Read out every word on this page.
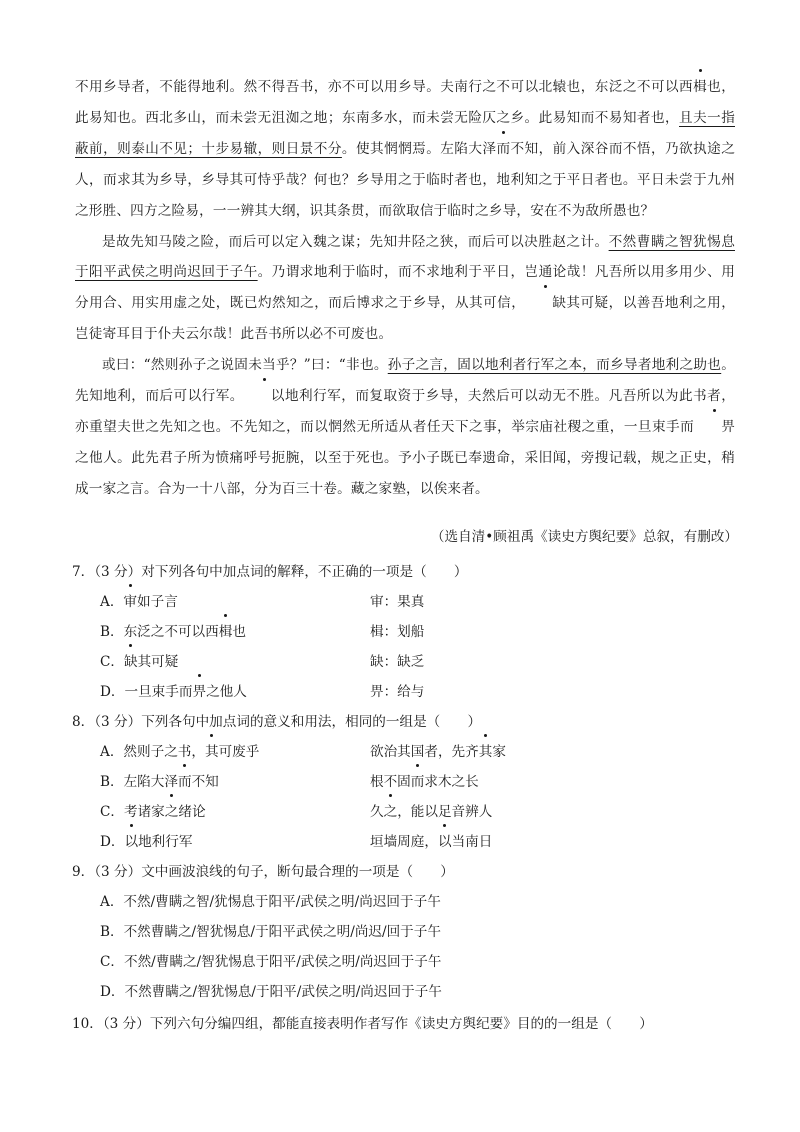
不用乡导者，不能得地利。然不得吾书，亦不可以用乡导。夫南行之不可以北辕也，东泛之不可以西楫也，此易知也。西北多山，而未尝无沮洳之地；东南多水，而未尝无险仄之乡。此易知而不易知者也，且夫一指蔽前，则泰山不见；十步易辙，则日景不分。使其惘惘焉。左陷大泽而不知，前入深谷而不悟，乃欲执途之人，而求其为乡导，乡导其可恃乎哉？何也？乡导用之于临时者也，地利知之于平日者也。平日未尝于九州之形胜、四方之险易，一一辨其大纲，识其条贯，而欲取信于临时之乡导，安在不为敌所愚也？

是故先知马陵之险，而后可以定入魏之谋；先知井陉之狭，而后可以决胜赵之计。不然曹瞒之智犹惕息于阳平武侯之明尚迟回于子午。乃谓求地利于临时，而不求地利于平日，岂通论哉！凡吾所以用多用少、用分用合、用实用虚之处，既已灼然知之，而后博求之于乡导，从其可信， 缺其可疑，以善吾地利之用，岂徒寄耳目于仆夫云尔哉！此吾书所以必不可废也。

或曰：“然则孙子之说固未当乎？”曰：“非也。孙子之言，固以地利者行军之本，而乡导者地利之助也。先知地利，而后可以行军。 以地利行军，而复取资于乡导，夫然后可以动无不胜。凡吾所以为此书者，亦重望夫世之先知之也。不先知之，而以惘然无所适从者任天下之事，举宗庙社稷之重，一旦束手而 畀之他人。此先君子所为愤痛呼号扼腕，以至于死也。予小子既已奉遗命，采旧闻，旁搜记载，规之正史，稍成一家之言。合为一十八部，分为百三十卷。藏之家塾，以俟来者。

（选自清•顾祖禹《读史方舆纪要》总叙，有删改）
7．（3 分）对下列各句中加点词的解释，不正确的一项是（　　）
A．审如子言	审：果真
B．东泛之不可以西楫也	楫：划船
C．缺其可疑	缺：缺乏
D．一旦束手而畀之他人	畀：给与
8．（3 分）下列各句中加点词的意义和用法，相同的一组是（　　）
A．然则子之书，其可废乎	欲治其国者，先齐其家
B．左陷大泽而不知	根不固而求木之长
C．考诸家之绪论	久之，能以足音辨人
D．以地利行军	垣墙周庭，以当南日
9．（3 分）文中画波浪线的句子，断句最合理的一项是（　　）
A．不然/曹瞒之智/犹惕息于阳平/武侯之明/尚迟回于子午
B．不然曹瞒之/智犹惕息/于阳平武侯之明/尚迟/回于子午
C．不然/曹瞒之/智犹惕息于阳平/武侯之明/尚迟回于子午
D．不然曹瞒之/智犹惕息/于阳平/武侯之明/尚迟回于子午
10．（3 分）下列六句分编四组，都能直接表明作者写作《读史方舆纪要》目的的一组是（　　）
